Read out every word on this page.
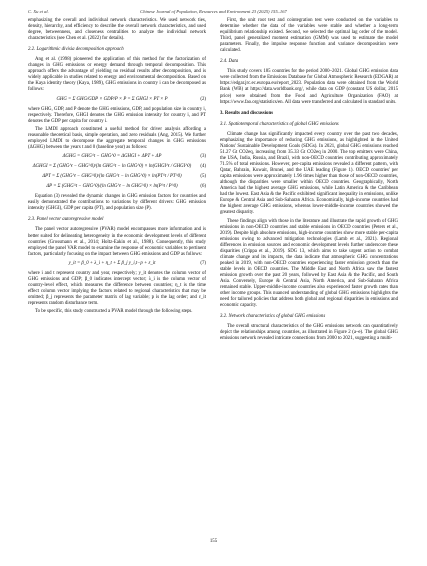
C. Xu et al.	Chinese Journal of Population, Resources and Environment 23 (2025) 155–167

emphasizing the overall and individual network characteristics. We used network ties, density, hierarchy, and efficiency to describe the overall network characteristics, and used degree, betweenness, and closeness centralities to analyze the individual network characteristics (see Chen et al. (2022) for details).

2.2. Logarithmic divisia decomposition approach

Ang et al. (1998) pioneered the application of this method for the factorization of changes in GHG emissions or energy demand through temporal decomposition. This approach offers the advantage of yielding no residual results after decomposition, and is widely applicable in studies related to energy and environmental decomposition. Based on the Kaya identity theory (Kaya, 1989), GHG emissions in country i can be decomposed as follows:

GHG = Σ GHG/GDP × GDP/P × P = Σ GHGI × PT × P	(2)

where GHG, GDP, and P denote the GHG emissions, GDP, and population size in country i, respectively. Therefore, GHGI denotes the GHG emission intensity for country i, and PT denotes the GDP per capita for country i.

The LMDI approach constituted a useful method for driver analysis affording a reasonable theoretical basis, simple operation, and zero residuals (Ang, 2015). We further employed LMDI to decompose the aggregate temporal changes in GHG emissions (ΔGHG) between the years t and 0 (baseline year) as follows:

ΔGHG = GHG^t − GHG^0 = ΔGHGI + ΔPT + ΔP	(3)
ΔGHGI = Σ (GHG^t − GHG^0)/(ln GHG^t − ln GHG^0) × ln(GHGI^t / GHGI^0)	(4)
ΔPT = Σ (GHG^t − GHG^0)/(ln GHG^t − ln GHG^0) × ln(PT^t / PT^0)	(5)
ΔP = Σ (GHG^t − GHG^0)/(ln GHG^t − ln GHG^0) × ln(P^t / P^0)	(6)

Equation (3) revealed the dynamic changes in GHG emission factors for countries and easily demonstrated the contributions to variations by different drivers: GHG emission intensity (GHGI), GDP per capita (PT), and population size (P).

2.3. Panel vector autoregressive model

The panel vector autoregressive (PVAR) model encompasses more information and is better suited for delineating heterogeneity in the economic development levels of different countries (Grossmann et al., 2014; Holtz-Eakin et al., 1988). Consequently, this study employed the panel VAR model to examine the response of economic variables to pertinent factors, particularly focusing on the impact between GHG emissions and GDP as follows:

y_it = β_0 + λ_i + η_t + Σ β_j y_i,t−p + ε_it	(7)

where i and t represent country and year, respectively; y_it denotes the column vector of GHG emissions and GDP; β_0 indicates intercept vector; λ_i is the column vector of country-level effect, which measures the difference between countries; η_t is the time effect column vector implying the factors related to regional characteristics that may be omitted; β_j represents the parameter matrix of lag variable; p is the lag order; and ε_it represents random disturbance term.

To be specific, this study constructed a PVAR model through the following steps.

First, the unit root test and cointegration test were conducted on the variables to determine whether the data of the variables were stable and whether a long-term equilibrium relationship existed. Second, we selected the optimal lag order of the model. Third, panel generalized moment estimation (GMM) was used to estimate the model parameters. Finally, the impulse response function and variance decomposition were calculated.

2.4. Data

This study covers 185 countries for the period 2000–2021. Global GHG emission data were collected from the Emissions Database for Global Atmospheric Research (EDGAR) at https://edgar.jrc.ec.europa.eu/report_2023. Population data were obtained from the World Bank (WB) at https://data.worldbank.org/, while data on GDP (constant US dollar, 2015 price) were obtained from the Food and Agriculture Organization (FAO) at https://www.fao.org/statistics/en. All data were transferred and calculated in standard units.

3. Results and discussions
3.1. Spatiotemporal characteristics of global GHG emissions

Climate change has significantly impacted every country over the past two decades, emphasizing the importance of reducing GHG emissions, as highlighted in the United Nations' Sustainable Development Goals (SDGs). In 2021, global GHG emissions reached 51.27 Gt CO2eq, increasing from 35.33 Gt CO2eq in 2000. The top emitters were China, the USA, India, Russia, and Brazil, with non-OECD countries contributing approximately 71.5% of total emissions. However, per-capita emissions revealed a different pattern, with Qatar, Bahrain, Kuwait, Brunei, and the UAE leading (Figure 1). OECD countries' per capita emissions were approximately 1.96 times higher than those of non-OECD countries, although the disparities were smaller within OECD countries. Geographically, North America had the highest average GHG emissions, while Latin America & the Caribbean had the lowest. East Asia & the Pacific exhibited significant inequality in emissions, unlike Europe & Central Asia and Sub-Saharan Africa. Economically, high-income countries had the highest average GHG emissions, whereas lower-middle-income countries showed the greatest disparity.

These findings align with those in the literature and illustrate the rapid growth of GHG emissions in non-OECD countries and stable emissions in OECD countries (Peters et al., 2019). Despite high absolute emissions, high-income countries show more stable per-capita emissions owing to advanced mitigation technologies (Lamb et al., 2021). Regional differences in emission sources and economic development levels further underscore these disparities (Crippa et al., 2019). SDG 13, which aims to take urgent action to combat climate change and its impacts, the data indicate that atmospheric GHG concentrations peaked in 2019, with non-OECD countries experiencing faster emission growth than the stable levels in OECD countries. The Middle East and North Africa saw the fastest emission growth over the past 20 years, followed by East Asia & the Pacific, and South Asia. Conversely, Europe & Central Asia, North America, and Sub-Saharan Africa remained stable. Upper-middle-income countries also experienced faster growth rates than other income groups. This nuanced understanding of global GHG emissions highlights the need for tailored policies that address both global and regional disparities in emissions and economic capacity.

3.2. Network characteristics of global GHG emissions

The overall structural characteristics of the GHG emissions network can quantitatively depict the relationships among countries, as illustrated in Figure 2 (a–e). The global GHG emissions network revealed intricate connections from 2000 to 2021, suggesting a multi-

155
